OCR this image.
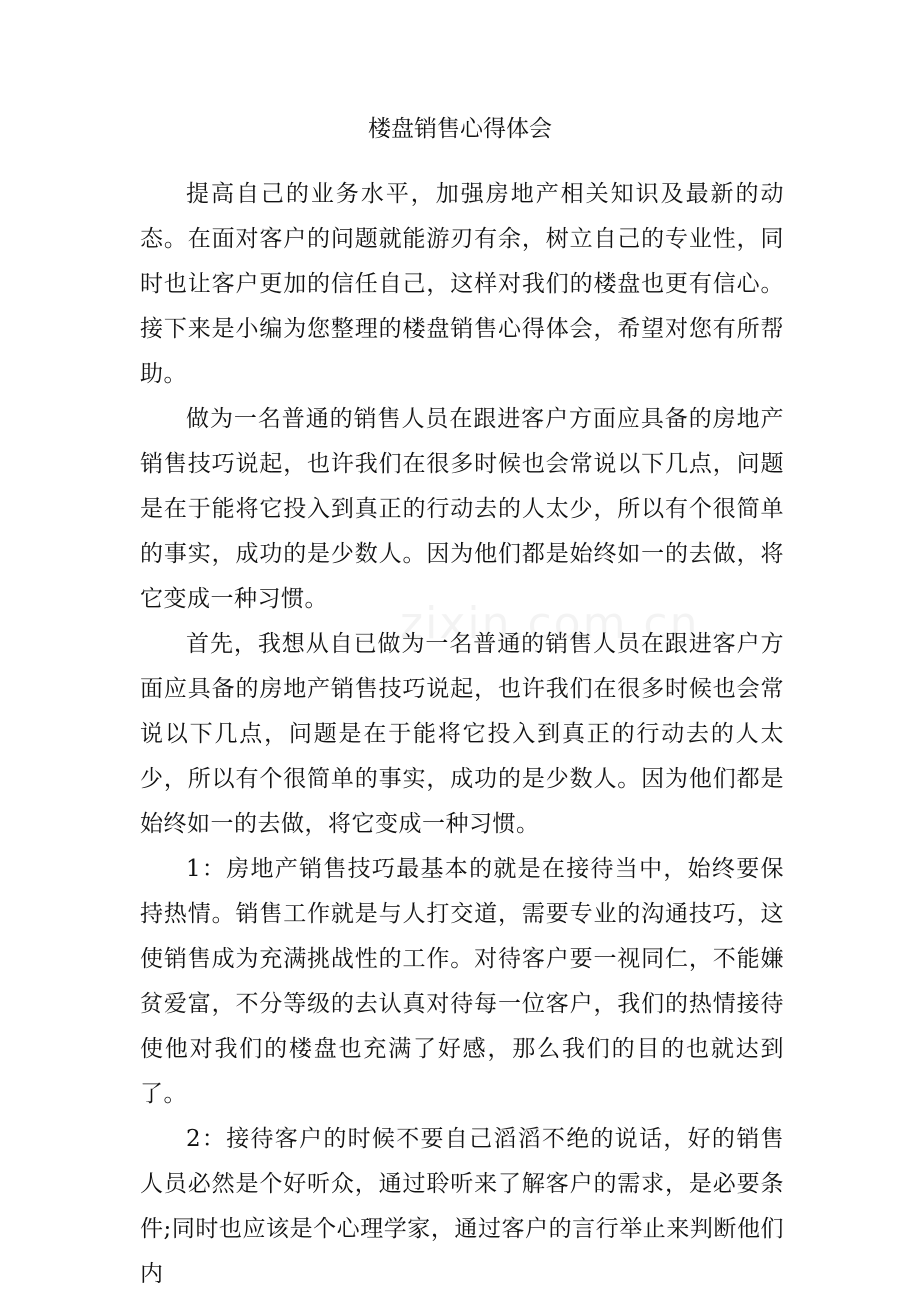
楼盘销售心得体会

提高自己的业务水平，加强房地产相关知识及最新的动态。在面对客户的问题就能游刃有余，树立自己的专业性，同时也让客户更加的信任自己，这样对我们的楼盘也更有信心。接下来是小编为您整理的楼盘销售心得体会，希望对您有所帮助。

做为一名普通的销售人员在跟进客户方面应具备的房地产销售技巧说起，也许我们在很多时候也会常说以下几点，问题是在于能将它投入到真正的行动去的人太少，所以有个很简单的事实，成功的是少数人。因为他们都是始终如一的去做，将它变成一种习惯。

首先，我想从自已做为一名普通的销售人员在跟进客户方面应具备的房地产销售技巧说起，也许我们在很多时候也会常说以下几点，问题是在于能将它投入到真正的行动去的人太少，所以有个很简单的事实，成功的是少数人。因为他们都是始终如一的去做，将它变成一种习惯。

1：房地产销售技巧最基本的就是在接待当中，始终要保持热情。销售工作就是与人打交道，需要专业的沟通技巧，这使销售成为充满挑战性的工作。对待客户要一视同仁，不能嫌贫爱富，不分等级的去认真对待每一位客户，我们的热情接待使他对我们的楼盘也充满了好感，那么我们的目的也就达到了。

2：接待客户的时候不要自己滔滔不绝的说话，好的销售人员必然是个好听众，通过聆听来了解客户的需求，是必要条件;同时也应该是个心理学家，通过客户的言行举止来判断他们内
